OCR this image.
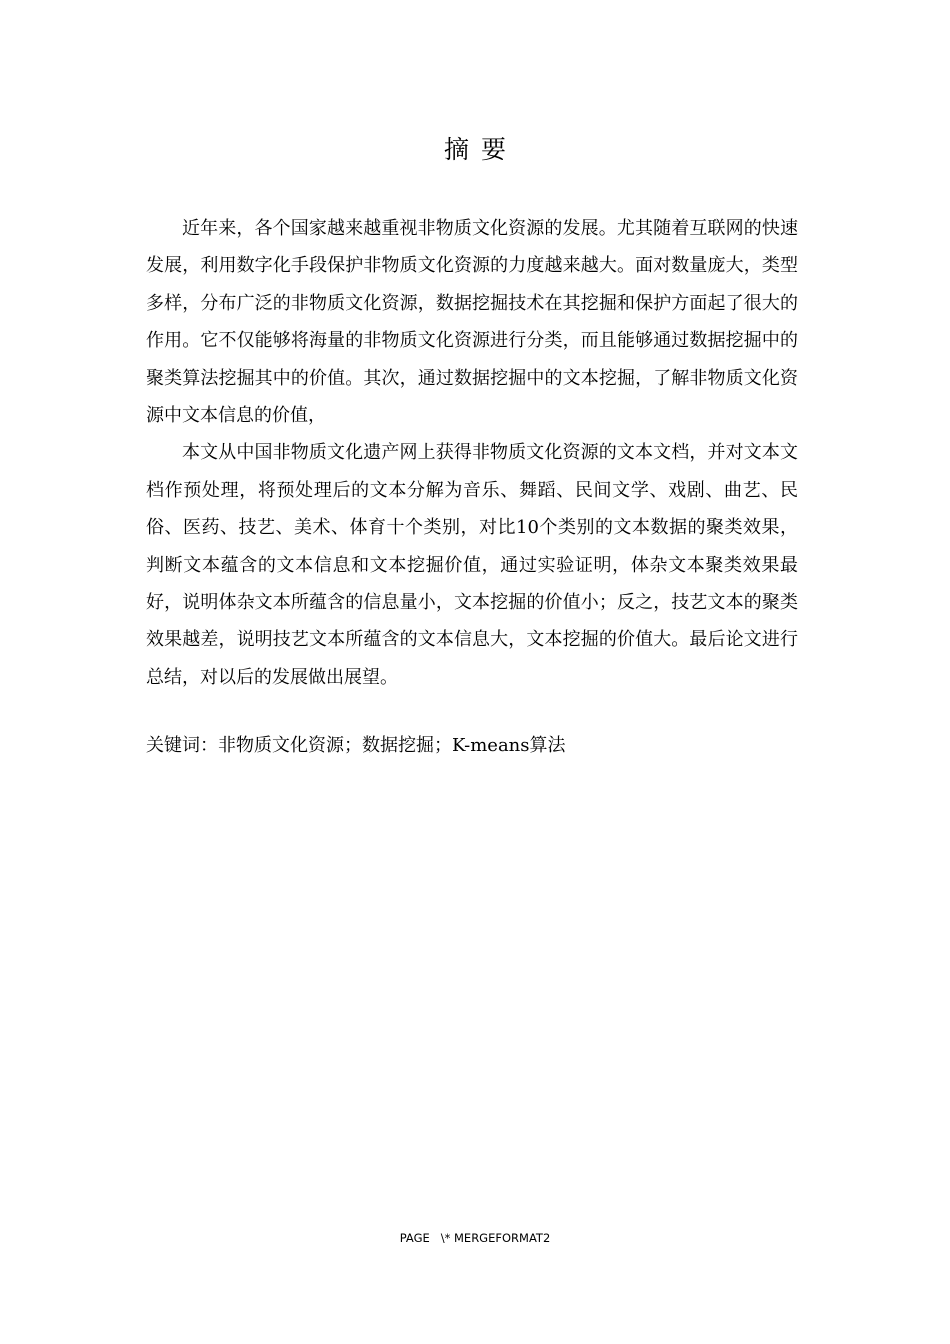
摘要

近年来，各个国家越来越重视非物质文化资源的发展。尤其随着互联网的快速发展，利用数字化手段保护非物质文化资源的力度越来越大。面对数量庞大，类型多样，分布广泛的非物质文化资源，数据挖掘技术在其挖掘和保护方面起了很大的作用。它不仅能够将海量的非物质文化资源进行分类，而且能够通过数据挖掘中的聚类算法挖掘其中的价值。其次，通过数据挖掘中的文本挖掘，了解非物质文化资源中文本信息的价值，

本文从中国非物质文化遗产网上获得非物质文化资源的文本文档，并对文本文档作预处理，将预处理后的文本分解为音乐、舞蹈、民间文学、戏剧、曲艺、民俗、医药、技艺、美术、体育十个类别，对比10个类别的文本数据的聚类效果，判断文本蕴含的文本信息和文本挖掘价值，通过实验证明，体杂文本聚类效果最好，说明体杂文本所蕴含的信息量小，文本挖掘的价值小；反之，技艺文本的聚类效果越差，说明技艺文本所蕴含的文本信息大，文本挖掘的价值大。最后论文进行总结，对以后的发展做出展望。

关键词：非物质文化资源；数据挖掘；K-means算法
PAGE   \* MERGEFORMAT2
